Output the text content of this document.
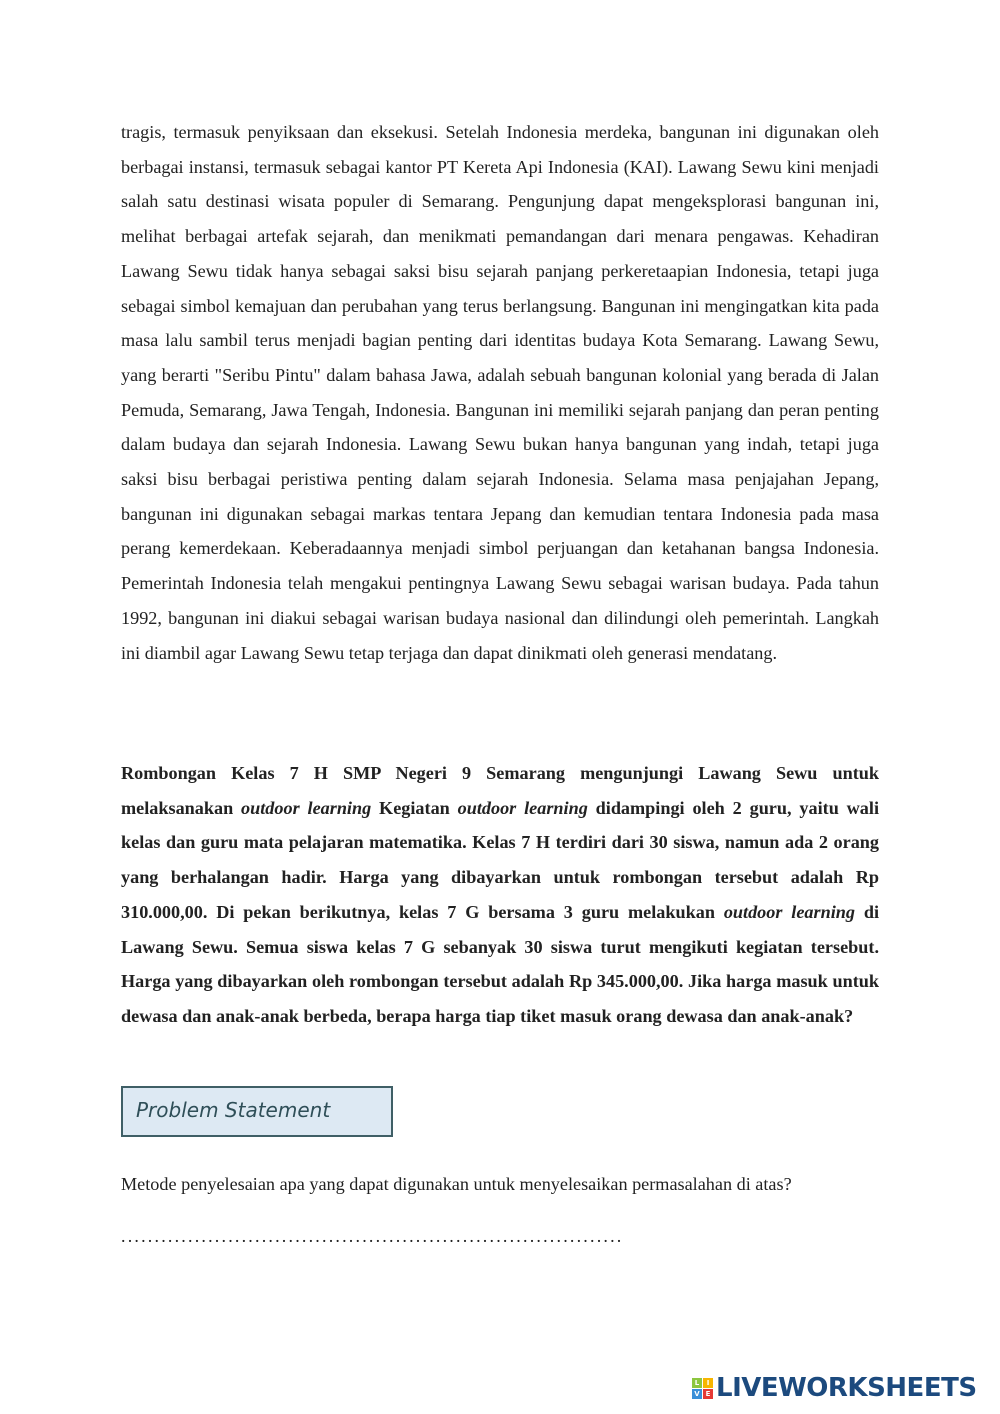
tragis, termasuk penyiksaan dan eksekusi. Setelah Indonesia merdeka, bangunan ini digunakan oleh berbagai instansi, termasuk sebagai kantor PT Kereta Api Indonesia (KAI). Lawang Sewu kini menjadi salah satu destinasi wisata populer di Semarang. Pengunjung dapat mengeksplorasi bangunan ini, melihat berbagai artefak sejarah, dan menikmati pemandangan dari menara pengawas. Kehadiran Lawang Sewu tidak hanya sebagai saksi bisu sejarah panjang perkeretaapian Indonesia, tetapi juga sebagai simbol kemajuan dan perubahan yang terus berlangsung. Bangunan ini mengingatkan kita pada masa lalu sambil terus menjadi bagian penting dari identitas budaya Kota Semarang. Lawang Sewu, yang berarti "Seribu Pintu" dalam bahasa Jawa, adalah sebuah bangunan kolonial yang berada di Jalan Pemuda, Semarang, Jawa Tengah, Indonesia. Bangunan ini memiliki sejarah panjang dan peran penting dalam budaya dan sejarah Indonesia. Lawang Sewu bukan hanya bangunan yang indah, tetapi juga saksi bisu berbagai peristiwa penting dalam sejarah Indonesia. Selama masa penjajahan Jepang, bangunan ini digunakan sebagai markas tentara Jepang dan kemudian tentara Indonesia pada masa perang kemerdekaan. Keberadaannya menjadi simbol perjuangan dan ketahanan bangsa Indonesia. Pemerintah Indonesia telah mengakui pentingnya Lawang Sewu sebagai warisan budaya. Pada tahun 1992, bangunan ini diakui sebagai warisan budaya nasional dan dilindungi oleh pemerintah. Langkah ini diambil agar Lawang Sewu tetap terjaga dan dapat dinikmati oleh generasi mendatang.

Rombongan Kelas 7 H SMP Negeri 9 Semarang mengunjungi Lawang Sewu untuk melaksanakan outdoor learning Kegiatan outdoor learning didampingi oleh 2 guru, yaitu wali kelas dan guru mata pelajaran matematika. Kelas 7 H terdiri dari 30 siswa, namun ada 2 orang yang berhalangan hadir. Harga yang dibayarkan untuk rombongan tersebut adalah Rp 310.000,00. Di pekan berikutnya, kelas 7 G bersama 3 guru melakukan outdoor learning di Lawang Sewu. Semua siswa kelas 7 G sebanyak 30 siswa turut mengikuti kegiatan tersebut. Harga yang dibayarkan oleh rombongan tersebut adalah Rp 345.000,00. Jika harga masuk untuk dewasa dan anak-anak berbeda, berapa harga tiap tiket masuk orang dewasa dan anak-anak?

Problem Statement
Metode penyelesaian apa yang dapat digunakan untuk menyelesaikan permasalahan di atas?
...........................................................................
L	I
V E LIVEWORKSHEETS
